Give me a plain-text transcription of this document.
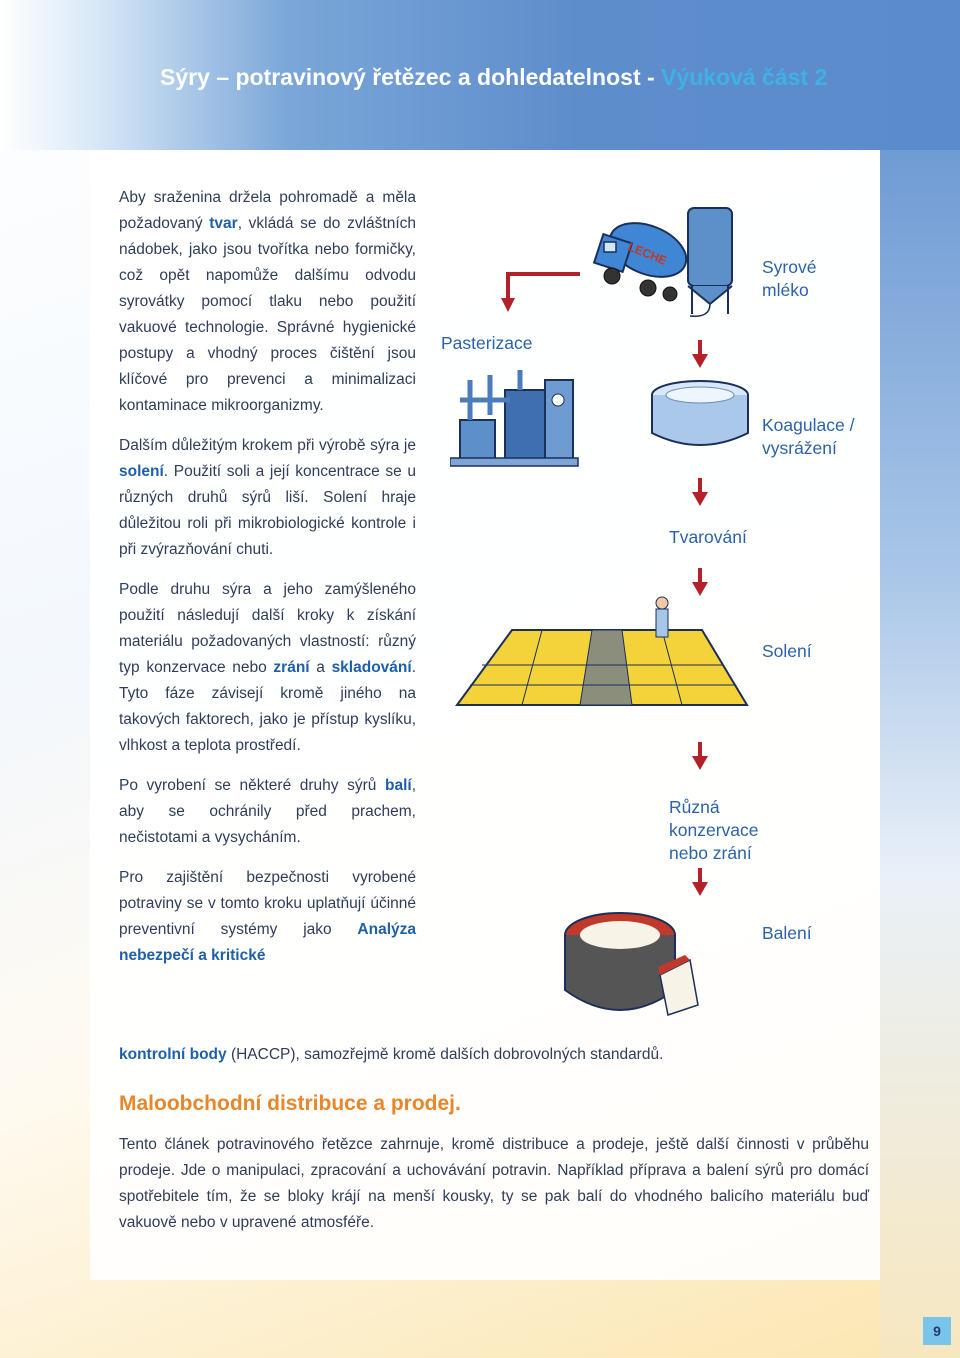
Sýry – potravinový řetězec a dohledatelnost - Výuková část 2

Aby sraženina držela pohromadě a měla požadovaný tvar, vkládá se do zvláštních nádobek, jako jsou tvořítka nebo formičky, což opět napomůže dalšímu odvodu syrovátky pomocí tlaku nebo použití vakuové technologie. Správné hygienické postupy a vhodný proces čištění jsou klíčové pro prevenci a minimalizaci kontaminace mikroorganizmy.

Dalším důležitým krokem při výrobě sýra je solení. Použití soli a její koncentrace se u různých druhů sýrů liší. Solení hraje důležitou roli při mikrobiologické kontrole i při zvýrazňování chuti.

Podle druhu sýra a jeho zamýšleného použití následují další kroky k získání materiálu požadovaných vlastností: různý typ konzervace nebo zrání a skladování. Tyto fáze závisejí kromě jiného na takových faktorech, jako je přístup kyslíku, vlhkost a teplota prostředí.

Po vyrobení se některé druhy sýrů balí, aby se ochránily před prachem, nečistotami a vysycháním.

Pro zajištění bezpečnosti vyrobené potraviny se v tomto kroku uplatňují účinné preventivní systémy jako Analýza nebezpečí a kritické

kontrolní body (HACCP), samozřejmě kromě dalších dobrovolných standardů.
Maloobchodní distribuce a prodej.
Tento článek potravinového řetězce zahrnuje, kromě distribuce a prodeje, ještě další činnosti v průběhu prodeje. Jde o manipulaci, zpracování a uchovávání potravin. Například příprava a balení sýrů pro domácí spotřebitele tím, že se bloky krájí na menší kousky, ty se pak balí do vhodného balicího materiálu buď vakuově nebo v upravené atmosféře.
LECHE	Syrové
mléko
Pasterizace
Koagulace /
vysrážení
Tvarování
Solení
Různá
konzervace
nebo zrání
Balení
9
